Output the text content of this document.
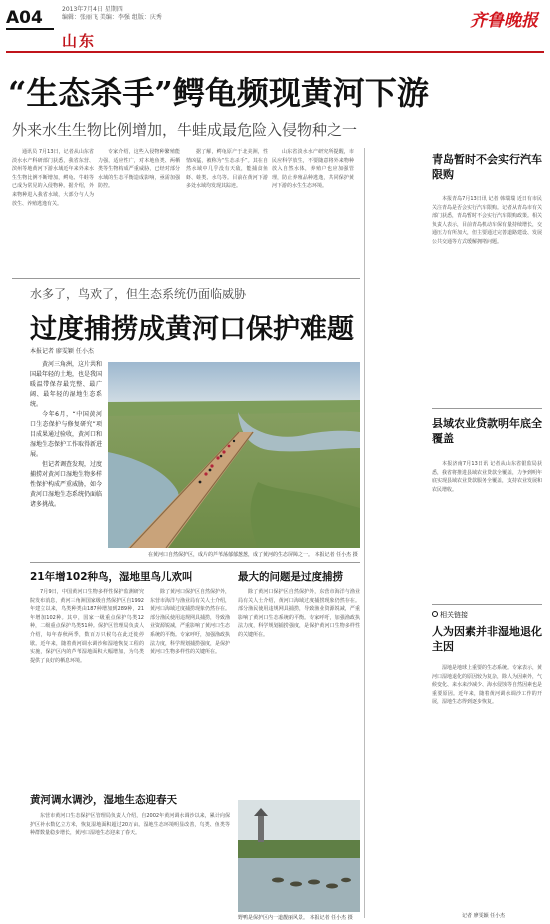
A04	2013年7月4日 星期四
编辑：张丽飞 美编：李强 组版：庆秀
山东
齐鲁晚报
“生态杀手”鳄龟频现黄河下游
外来水生生物比例增加，牛蛙成最危险入侵物种之一

通讯员 7月13日，记者从山东省淡水水产科研部门获悉，我省东营、滨州等地黄河下游水域近年来外来水生生物比例不断增加，鳄龟、牛蛙等已成为常见的入侵物种。据介绍，外来物种进入我省水域，大部分与人为放生、养殖逃逸有关。

专家介绍，这些入侵物种繁殖能力强，适应性广，对本地鱼类、两栖类等生物构成严重威胁，已经对部分水域的生态平衡造成影响，亟需加强防控。

据了解，鳄龟原产于北美洲，性情凶猛，被称为“生态杀手”。其在自然水域中几乎没有天敌，能捕食鱼虾、蛙类、水鸟等。目前在黄河下游多处水域均发现其踪迹。

山东省淡水水产研究所提醒，市民应科学放生，不要随意将外来物种放入自然水体，养殖户也应加强管理，防止养殖品种逃逸，共同保护黄河下游的水生生态环境。

青岛暂时不会实行汽车限购

本报青岛7月13日讯 记者 韩瑞瑞 近日有市民关注青岛是否会实行汽车限购。记者从青岛市有关部门获悉，青岛暂时不会实行汽车限购政策。相关负责人表示，目前青岛机动车保有量持续增长，交通压力有所加大，但主要通过完善道路建设、发展公共交通等方式缓解拥堵问题。

县域农业贷款明年底全覆盖

本报济南7月13日讯 记者从山东省银监局获悉，我省将推进县域农业贷款全覆盖，力争到明年底实现县域农业贷款服务全覆盖，支持农业发展和农民增收。

相关链接
人为因素并非湿地退化主因

湿地是地球上重要的生态系统。专家表示，黄河口湿地退化的原因较为复杂，除人为因素外，气候变化、来水来沙减少、海水侵蚀等自然因素也是重要原因。近年来，随着黄河调水调沙工作的开展，湿地生态得到逐步恢复。

记者 廖雯颖 任小杰
水多了，鸟欢了，但生态系统仍面临威胁
过度捕捞成黄河口保护难题
本报记者 廖雯颖 任小杰

黄河三角洲，这片共和国最年轻的土地，也是我国暖温带保存最完整、最广阔、最年轻的湿地生态系统。

今年6月，“中国黄河口生态保护与修复研究”项目成果通过验收，黄河口和湿地生态保护工作取得新进展。

但记者调查发现，过度捕捞对黄河口湿地生物多样性保护构成严重威胁，如今黄河口湿地生态系统仍面临诸多挑战。

在黄河口自然保护区，成片的芦苇荡郁郁葱葱，成了黄河的生态屏障之一。 本报记者 任小杰 摄
21年增102种鸟，湿地里鸟儿欢叫

7月9日，中国黄河口生物多样性保护监测研究院发布消息，黄河三角洲国家级自然保护区自1992年建立以来，鸟类种类由187种增加到289种，21年增加102种。其中，国家一级重点保护鸟类12种，二级重点保护鸟类51种。保护区管理局负责人介绍，每年春秋两季，数百万只候鸟在此迁徙停歇。近年来，随着黄河调水调沙和湿地恢复工程的实施，保护区内的芦苇湿地面积大幅增加，为鸟类提供了良好的栖息环境。

除了黄河口保护区自然保护外，东营市海洋与渔业局有关人士介绍，黄河口海域过度捕捞现象仍然存在。部分渔民使用违规网具捕捞，导致渔业资源锐减，严重影响了黄河口生态系统的平衡。专家呼吁，加强渔政执法力度，科学规划捕捞强度，是保护黄河口生物多样性的关键所在。

最大的问题是过度捕捞

除了黄河口保护区自然保护外，东营市海洋与渔业局有关人士介绍，黄河口海域过度捕捞现象仍然存在。部分渔民使用违规网具捕捞，导致渔业资源锐减，严重影响了黄河口生态系统的平衡。专家呼吁，加强渔政执法力度，科学规划捕捞强度，是保护黄河口生物多样性的关键所在。

黄河调水调沙，湿地生态迎春天

东营市黄河口生态保护区管理局负责人介绍，自2002年黄河调水调沙以来，累计向保护区补水数亿立方米，恢复湿地面积超过20万亩。湿地生态环境明显改善，鸟类、鱼类等种群数量稳步增长，黄河口湿地生态迎来了春天。

野鸭是保护区内一道靓丽风景。 本报记者 任小杰 摄
